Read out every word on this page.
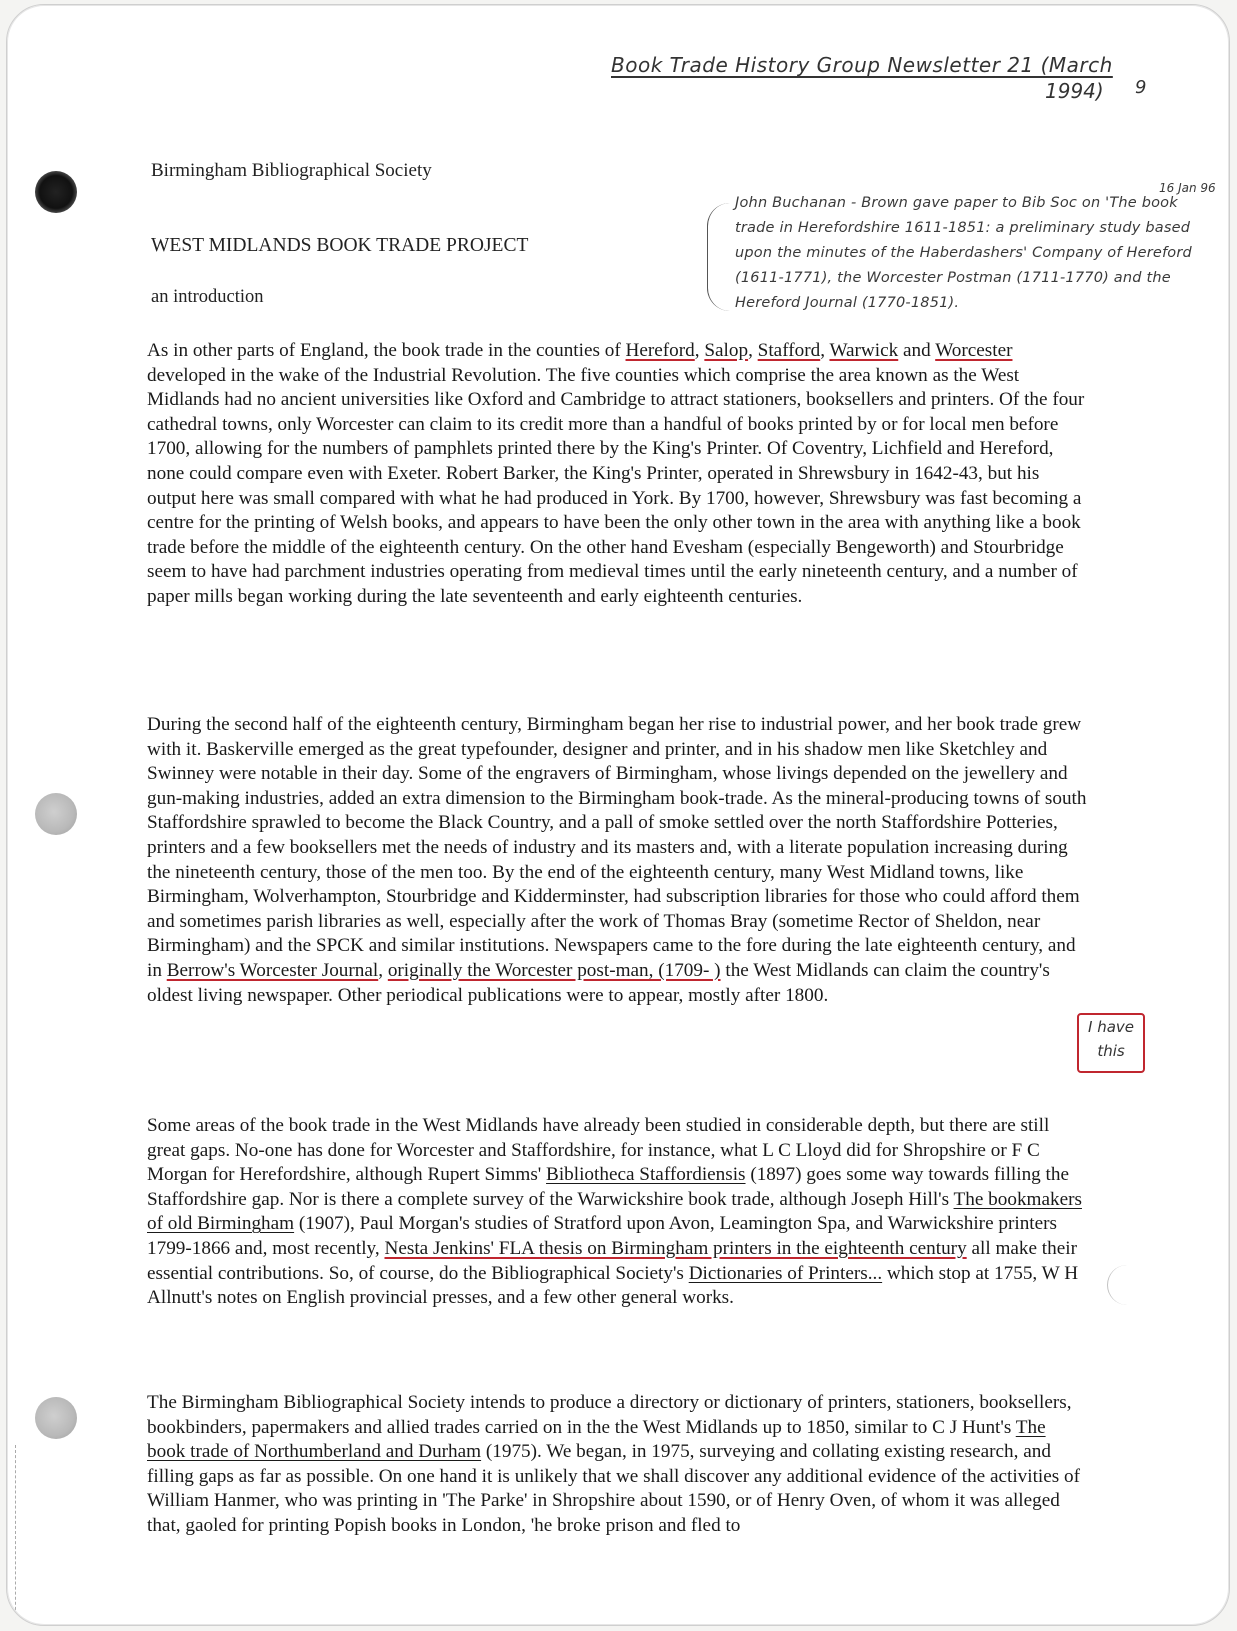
Book Trade History Group Newsletter 21 (March
1994) 9
16 Jan 96
John Buchanan - Brown gave paper to Bib Soc on 'The book trade in Herefordshire 1611-1851: a preliminary study based upon the minutes of the Haberdashers' Company of Hereford (1611-1771), the Worcester Postman (1711-1770) and the Hereford Journal (1770-1851).
Birmingham Bibliographical Society
WEST MIDLANDS BOOK TRADE PROJECT
an introduction

As in other parts of England, the book trade in the counties of Hereford, Salop, Stafford, Warwick and Worcester developed in the wake of the Industrial Revolution. The five counties which comprise the area known as the West Midlands had no ancient universities like Oxford and Cambridge to attract stationers, booksellers and printers. Of the four cathedral towns, only Worcester can claim to its credit more than a handful of books printed by or for local men before 1700, allowing for the numbers of pamphlets printed there by the King's Printer. Of Coventry, Lichfield and Hereford, none could compare even with Exeter. Robert Barker, the King's Printer, operated in Shrewsbury in 1642-43, but his output here was small compared with what he had produced in York. By 1700, however, Shrewsbury was fast becoming a centre for the printing of Welsh books, and appears to have been the only other town in the area with anything like a book trade before the middle of the eighteenth century. On the other hand Evesham (especially Bengeworth) and Stourbridge seem to have had parchment industries operating from medieval times until the early nineteenth century, and a number of paper mills began working during the late seventeenth and early eighteenth centuries.

During the second half of the eighteenth century, Birmingham began her rise to industrial power, and her book trade grew with it. Baskerville emerged as the great typefounder, designer and printer, and in his shadow men like Sketchley and Swinney were notable in their day. Some of the engravers of Birmingham, whose livings depended on the jewellery and gun-making industries, added an extra dimension to the Birmingham book-trade. As the mineral-producing towns of south Staffordshire sprawled to become the Black Country, and a pall of smoke settled over the north Staffordshire Potteries, printers and a few booksellers met the needs of industry and its masters and, with a literate population increasing during the nineteenth century, those of the men too. By the end of the eighteenth century, many West Midland towns, like Birmingham, Wolverhampton, Stourbridge and Kidderminster, had subscription libraries for those who could afford them and sometimes parish libraries as well, especially after the work of Thomas Bray (sometime Rector of Sheldon, near Birmingham) and the SPCK and similar institutions. Newspapers came to the fore during the late eighteenth century, and in Berrow's Worcester Journal, originally the Worcester post-man, (1709- ) the West Midlands can claim the country's oldest living newspaper. Other periodical publications were to appear, mostly after 1800.

I have this

Some areas of the book trade in the West Midlands have already been studied in considerable depth, but there are still great gaps. No-one has done for Worcester and Staffordshire, for instance, what L C Lloyd did for Shropshire or F C Morgan for Herefordshire, although Rupert Simms' Bibliotheca Staffordiensis (1897) goes some way towards filling the Staffordshire gap. Nor is there a complete survey of the Warwickshire book trade, although Joseph Hill's The bookmakers of old Birmingham (1907), Paul Morgan's studies of Stratford upon Avon, Leamington Spa, and Warwickshire printers 1799-1866 and, most recently, Nesta Jenkins' FLA thesis on Birmingham printers in the eighteenth century all make their essential contributions. So, of course, do the Bibliographical Society's Dictionaries of Printers... which stop at 1755, W H Allnutt's notes on English provincial presses, and a few other general works.

The Birmingham Bibliographical Society intends to produce a directory or dictionary of printers, stationers, booksellers, bookbinders, papermakers and allied trades carried on in the the West Midlands up to 1850, similar to C J Hunt's The book trade of Northumberland and Durham (1975). We began, in 1975, surveying and collating existing research, and filling gaps as far as possible. On one hand it is unlikely that we shall discover any additional evidence of the activities of William Hanmer, who was printing in 'The Parke' in Shropshire about 1590, or of Henry Oven, of whom it was alleged that, gaoled for printing Popish books in London, 'he broke prison and fled to
